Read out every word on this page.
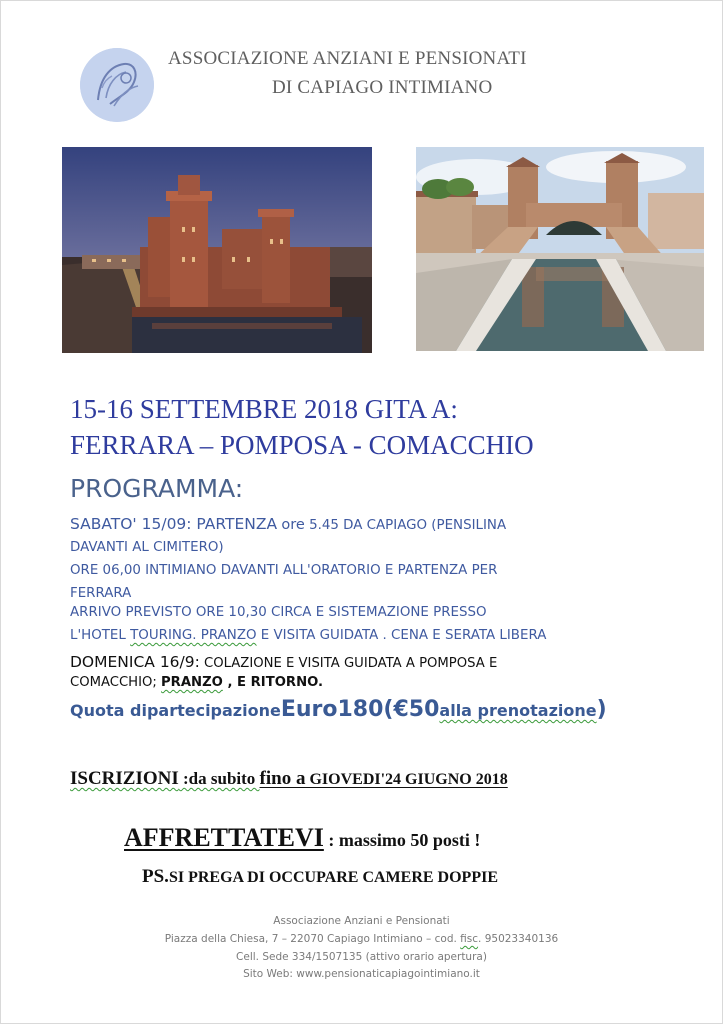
ASSOCIAZIONE ANZIANI E PENSIONATI
DI CAPIAGO INTIMIANO
15-16 SETTEMBRE 2018 GITA A:
FERRARA – POMPOSA - COMACCHIO
PROGRAMMA:
SABATO' 15/09: PARTENZA ore 5.45 DA CAPIAGO (PENSILINA
DAVANTI AL CIMITERO)
ORE 06,00 INTIMIANO DAVANTI ALL'ORATORIO E PARTENZA PER
FERRARA
ARRIVO PREVISTO ORE 10,30 CIRCA E SISTEMAZIONE PRESSO
L'HOTEL TOURING. PRANZO E VISITA GUIDATA . CENA E SERATA LIBERA
DOMENICA 16/9: COLAZIONE E VISITA GUIDATA A POMPOSA E
COMACCHIO; PRANZO , E RITORNO.
Quota dipartecipazioneEuro180(€50alla prenotazione)
ISCRIZIONI :da subito fino a GIOVEDI'24 GIUGNO 2018
AFFRETTATEVI : massimo 50 posti !
PS.SI PREGA DI OCCUPARE CAMERE DOPPIE
Associazione Anziani e Pensionati
Piazza della Chiesa, 7 – 22070 Capiago Intimiano – cod. fisc. 95023340136
Cell. Sede 334/1507135 (attivo orario apertura)
Sito Web: www.pensionaticapiagointimiano.it
